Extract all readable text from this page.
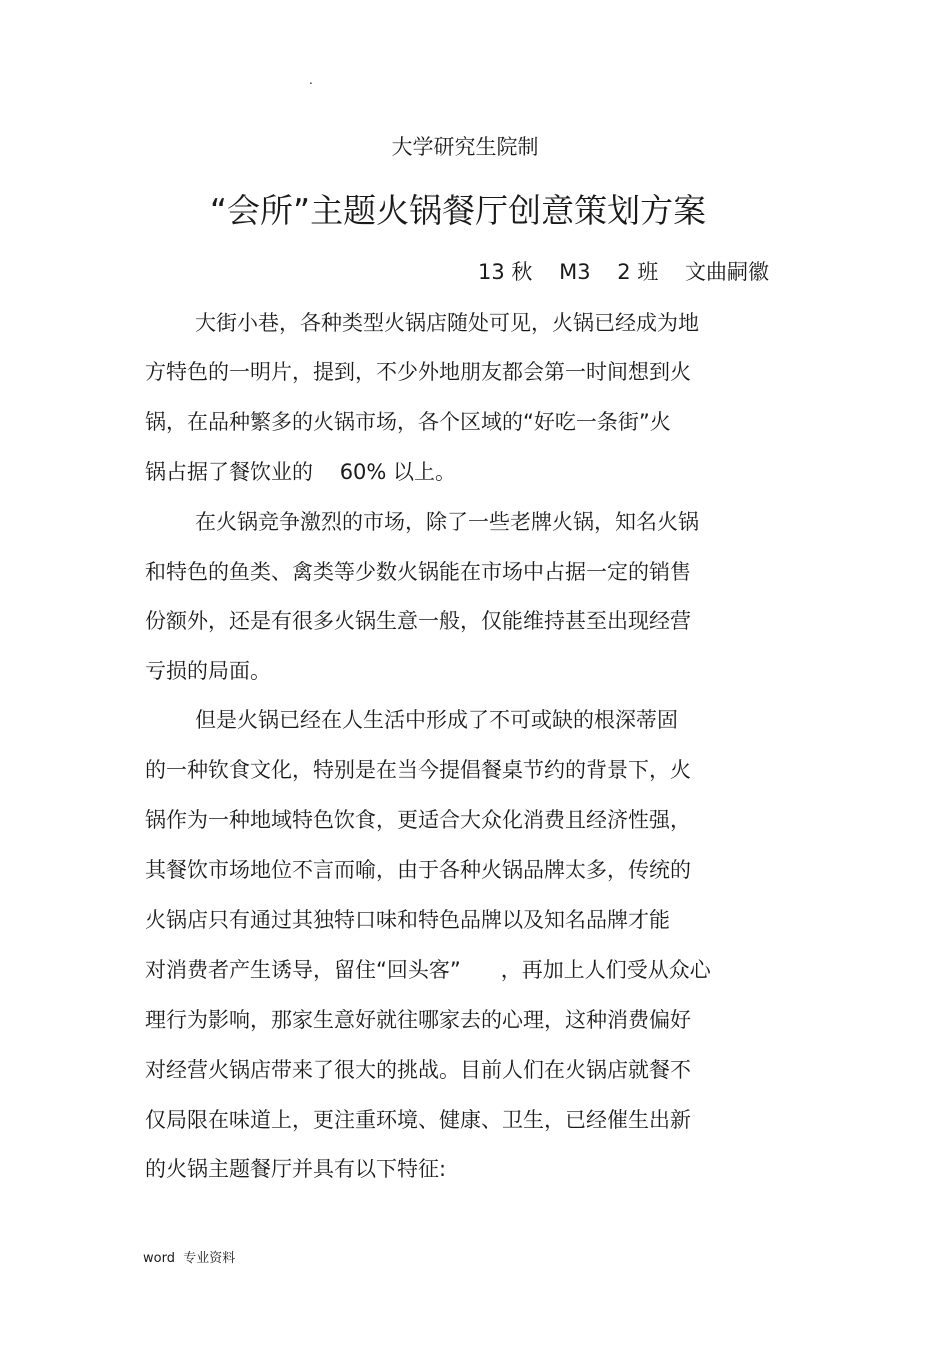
.
大学研究生院制
“会所”主题火锅餐厅创意策划方案
13 秋    M3    2 班    文曲嗣徽
大街小巷，各种类型火锅店随处可见，火锅已经成为地
方特色的一明片，提到，不少外地朋友都会第一时间想到火
锅，在品种繁多的火锅市场，各个区域的“好吃一条街”火
锅占据了餐饮业的    60% 以上。
在火锅竞争激烈的市场，除了一些老牌火锅，知名火锅
和特色的鱼类、禽类等少数火锅能在市场中占据一定的销售
份额外，还是有很多火锅生意一般，仅能维持甚至出现经营
亏损的局面。
但是火锅已经在人生活中形成了不可或缺的根深蒂固
的一种钦食文化，特别是在当今提倡餐桌节约的背景下，火
锅作为一种地域特色饮食，更适合大众化消费且经济性强，
其餐饮市场地位不言而喻，由于各种火锅品牌太多，传统的
火锅店只有通过其独特口味和特色品牌以及知名品牌才能
对消费者产生诱导，留住“回头客”      ，再加上人们受从众心
理行为影响，那家生意好就往哪家去的心理，这种消费偏好
对经营火锅店带来了很大的挑战。目前人们在火锅店就餐不
仅局限在味道上，更注重环境、健康、卫生，已经催生出新
的火锅主题餐厅并具有以下特征:
word  专业资料
